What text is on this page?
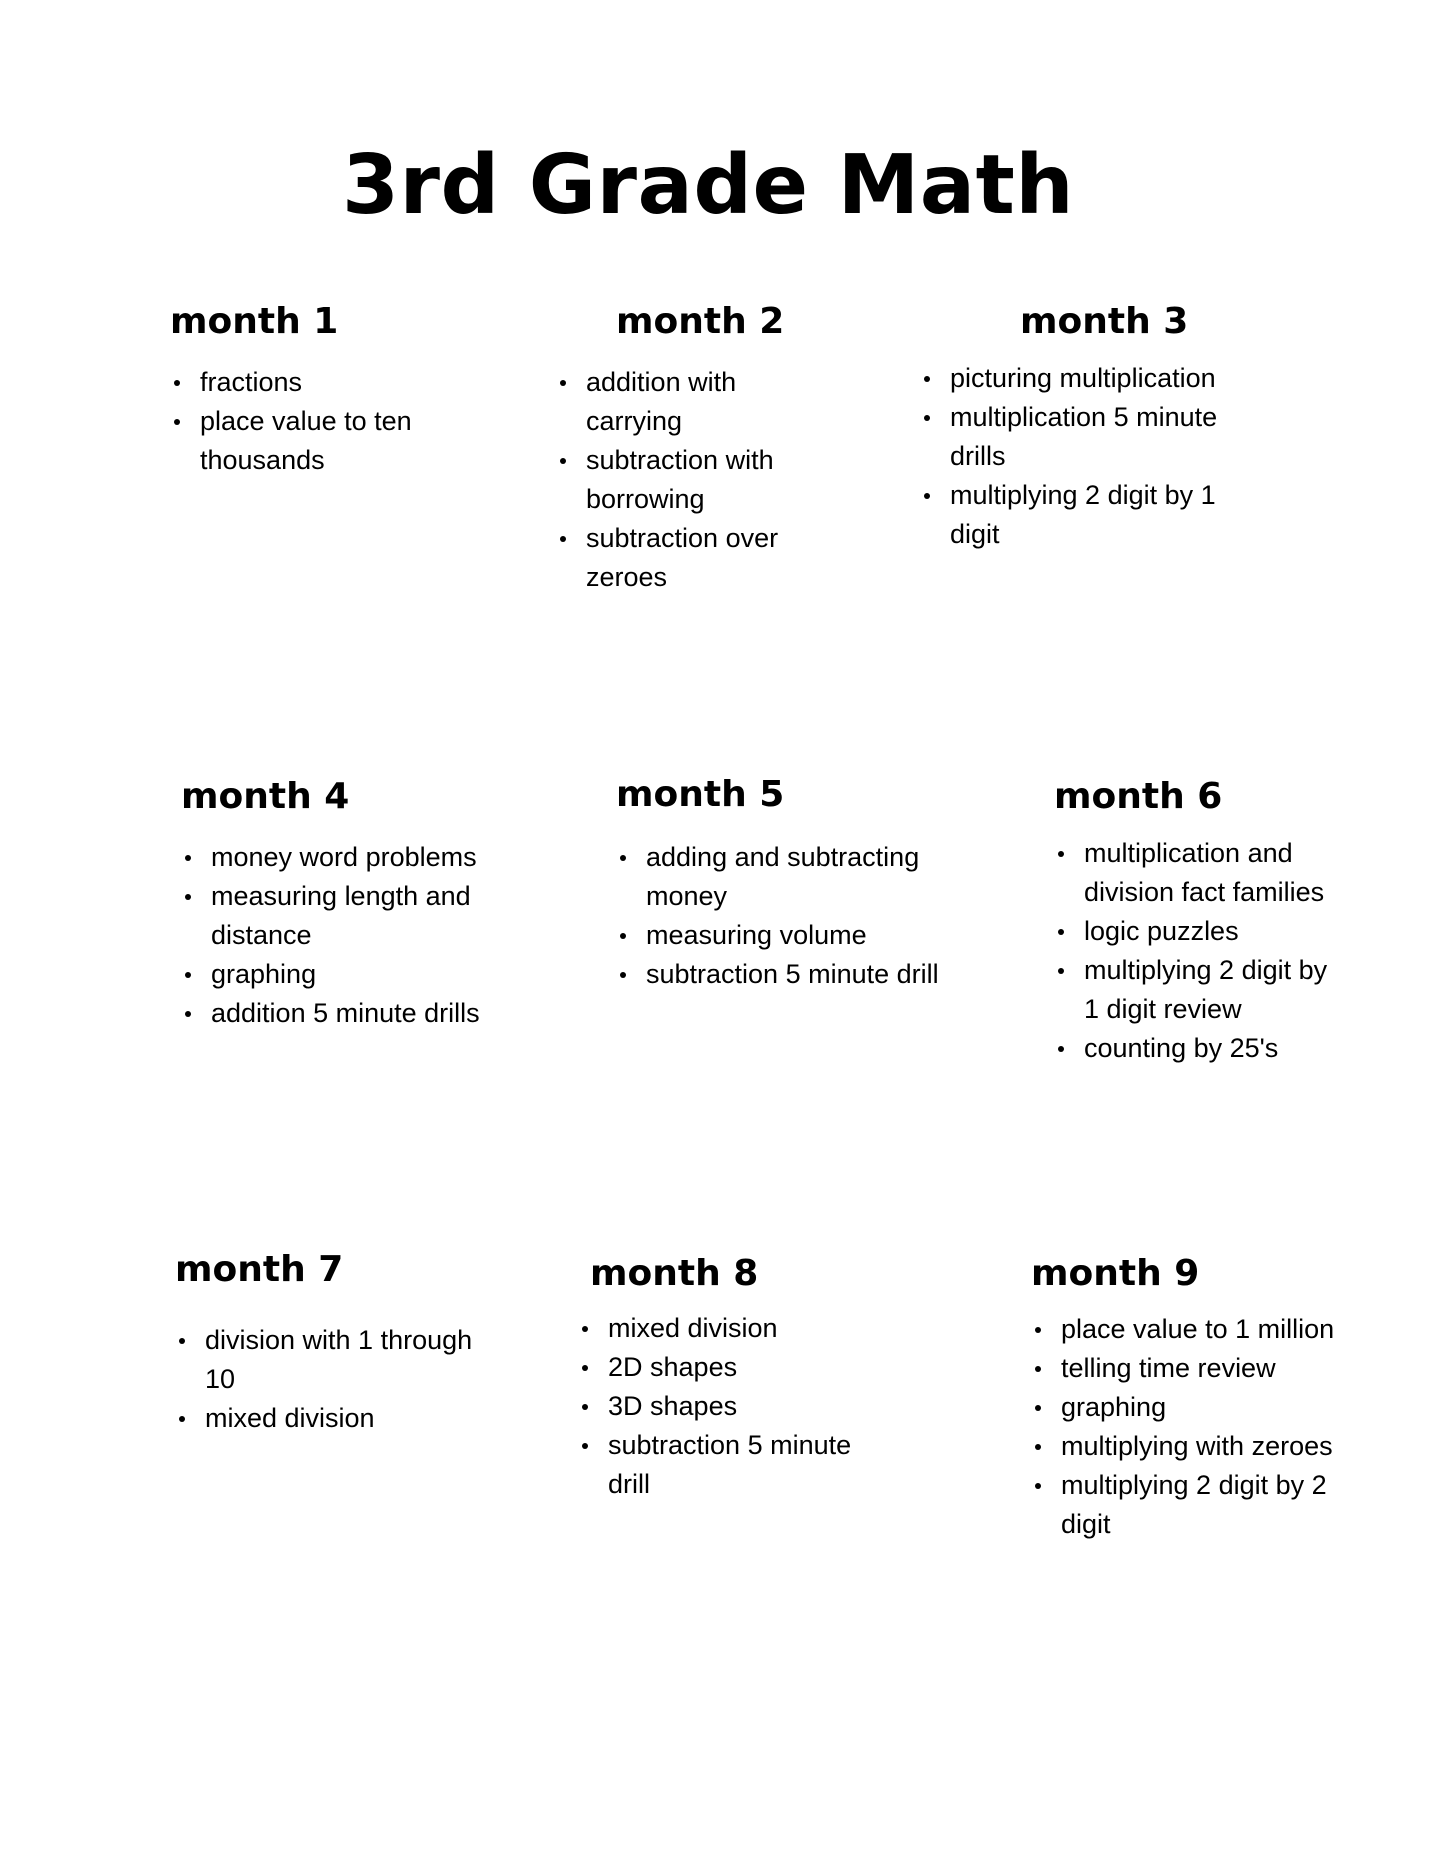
3rd Grade Math
month 1
fractions
place value to ten
thousands
month 2
addition with
carrying
subtraction with
borrowing
subtraction over
zeroes
month 3
picturing multiplication
multiplication 5 minute
drills
multiplying 2 digit by 1
digit
month 4
money word problems
measuring length and
distance
graphing
addition 5 minute drills
month 5
adding and subtracting
money
measuring volume
subtraction 5 minute drill
month 6
multiplication and
division fact families
logic puzzles
multiplying 2 digit by
1 digit review
counting by 25's
month 7
division with 1 through
10
mixed division
month 8
mixed division
2D shapes
3D shapes
subtraction 5 minute
drill
month 9
place value to 1 million
telling time review
graphing
multiplying with zeroes
multiplying 2 digit by 2
digit
